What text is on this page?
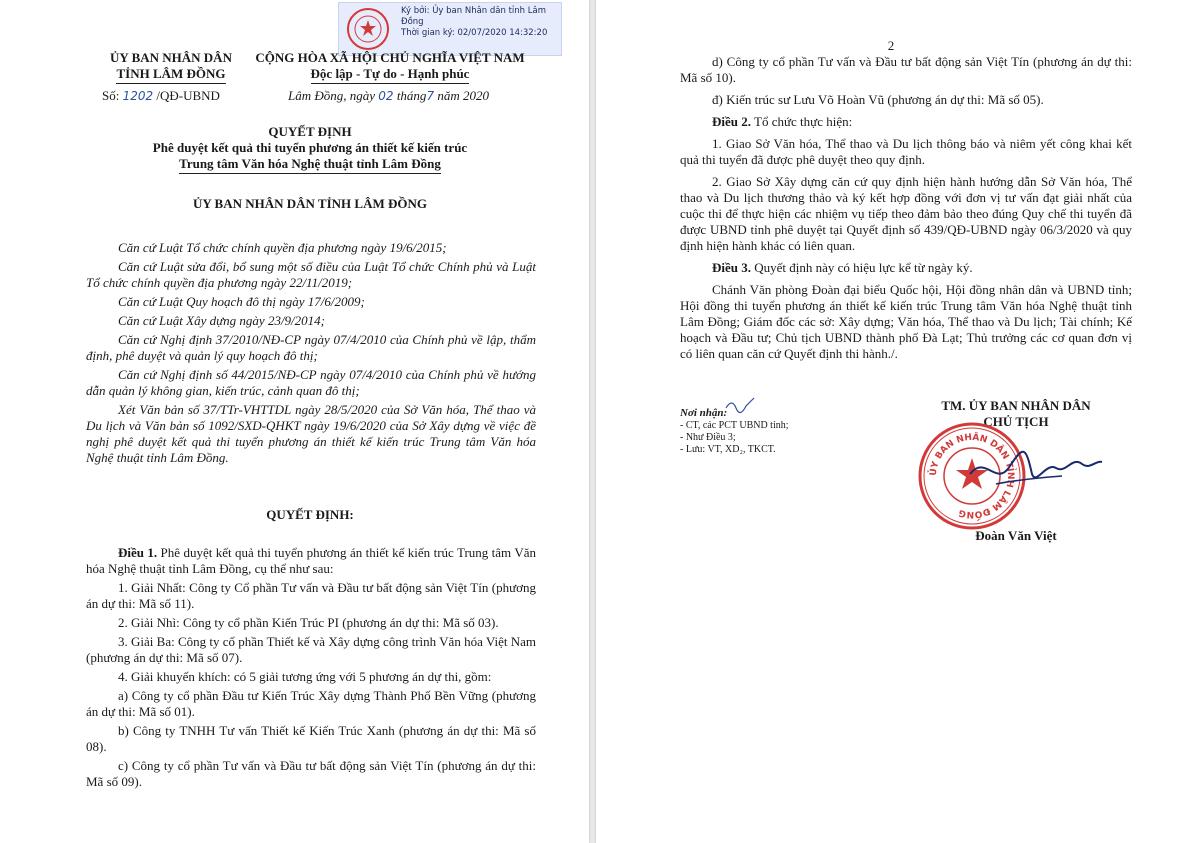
Ký bởi: Ủy ban Nhân dân tỉnh Lâm Đồng
Thời gian ký: 02/07/2020 14:32:20
ỦY BAN NHÂN DÂN
TỈNH LÂM ĐỒNG
Số: 1202 /QĐ-UBND
CỘNG HÒA XÃ HỘI CHỦ NGHĨA VIỆT NAM
Độc lập - Tự do - Hạnh phúc
Lâm Đồng, ngày 02 tháng7 năm 2020
QUYẾT ĐỊNH
Phê duyệt kết quả thi tuyển phương án thiết kế kiến trúc
Trung tâm Văn hóa Nghệ thuật tỉnh Lâm Đồng
ỦY BAN NHÂN DÂN TỈNH LÂM ĐỒNG
Căn cứ Luật Tổ chức chính quyền địa phương ngày 19/6/2015;
Căn cứ Luật sửa đổi, bổ sung một số điều của Luật Tổ chức Chính phủ và Luật Tổ chức chính quyền địa phương ngày 22/11/2019;
Căn cứ Luật Quy hoạch đô thị ngày 17/6/2009;
Căn cứ Luật Xây dựng ngày 23/9/2014;
Căn cứ Nghị định 37/2010/NĐ-CP ngày 07/4/2010 của Chính phủ về lập, thẩm định, phê duyệt và quản lý quy hoạch đô thị;
Căn cứ Nghị định số 44/2015/NĐ-CP ngày 07/4/2010 của Chính phủ về hướng dẫn quản lý không gian, kiến trúc, cảnh quan đô thị;
Xét Văn bản số 37/TTr-VHTTDL ngày 28/5/2020 của Sở Văn hóa, Thể thao và Du lịch và Văn bản số 1092/SXD-QHKT ngày 19/6/2020 của Sở Xây dựng về việc đề nghị phê duyệt kết quả thi tuyển phương án thiết kế kiến trúc Trung tâm Văn hóa Nghệ thuật tỉnh Lâm Đồng.
QUYẾT ĐỊNH:
Điều 1. Phê duyệt kết quả thi tuyển phương án thiết kế kiến trúc Trung tâm Văn hóa Nghệ thuật tỉnh Lâm Đồng, cụ thể như sau:
1. Giải Nhất: Công ty Cổ phần Tư vấn và Đầu tư bất động sản Việt Tín (phương án dự thi: Mã số 11).
2. Giải Nhì: Công ty cổ phần Kiến Trúc PI (phương án dự thi: Mã số 03).
3. Giải Ba: Công ty cổ phần Thiết kế và Xây dựng công trình Văn hóa Việt Nam (phương án dự thi: Mã số 07).
4. Giải khuyến khích: có 5 giải tương ứng với 5 phương án dự thi, gồm:
a) Công ty cổ phần Đầu tư Kiến Trúc Xây dựng Thành Phố Bền Vững (phương án dự thi: Mã số 01).
b) Công ty TNHH Tư vấn Thiết kế Kiến Trúc Xanh (phương án dự thi: Mã số 08).
c) Công ty cổ phần Tư vấn và Đầu tư bất động sản Việt Tín (phương án dự thi: Mã số 09).
2
d) Công ty cổ phần Tư vấn và Đầu tư bất động sản Việt Tín (phương án dự thi: Mã số 10).
đ) Kiến trúc sư Lưu Võ Hoàn Vũ (phương án dự thi: Mã số 05).
Điều 2. Tổ chức thực hiện:
1. Giao Sở Văn hóa, Thể thao và Du lịch thông báo và niêm yết công khai kết quả thi tuyển đã được phê duyệt theo quy định.
2. Giao Sở Xây dựng căn cứ quy định hiện hành hướng dẫn Sở Văn hóa, Thể thao và Du lịch thương thảo và ký kết hợp đồng với đơn vị tư vấn đạt giải nhất của cuộc thi để thực hiện các nhiệm vụ tiếp theo đảm bảo theo đúng Quy chế thi tuyển đã được UBND tỉnh phê duyệt tại Quyết định số 439/QĐ-UBND ngày 06/3/2020 và quy định hiện hành khác có liên quan.
Điều 3. Quyết định này có hiệu lực kể từ ngày ký.
Chánh Văn phòng Đoàn đại biểu Quốc hội, Hội đồng nhân dân và UBND tỉnh; Hội đồng thi tuyển phương án thiết kế kiến trúc Trung tâm Văn hóa Nghệ thuật tỉnh Lâm Đồng; Giám đốc các sở: Xây dựng; Văn hóa, Thể thao và Du lịch; Tài chính; Kế hoạch và Đầu tư; Chủ tịch UBND thành phố Đà Lạt; Thủ trưởng các cơ quan đơn vị có liên quan căn cứ Quyết định thi hành./.
Nơi nhận:
- CT, các PCT UBND tỉnh;
- Như Điều 3;
- Lưu: VT, XD₂, TKCT.
TM. ỦY BAN NHÂN DÂN
CHỦ TỊCH
ỦY BAN NHÂN DÂN TỈNH LÂM ĐỒNG
Đoàn Văn Việt
